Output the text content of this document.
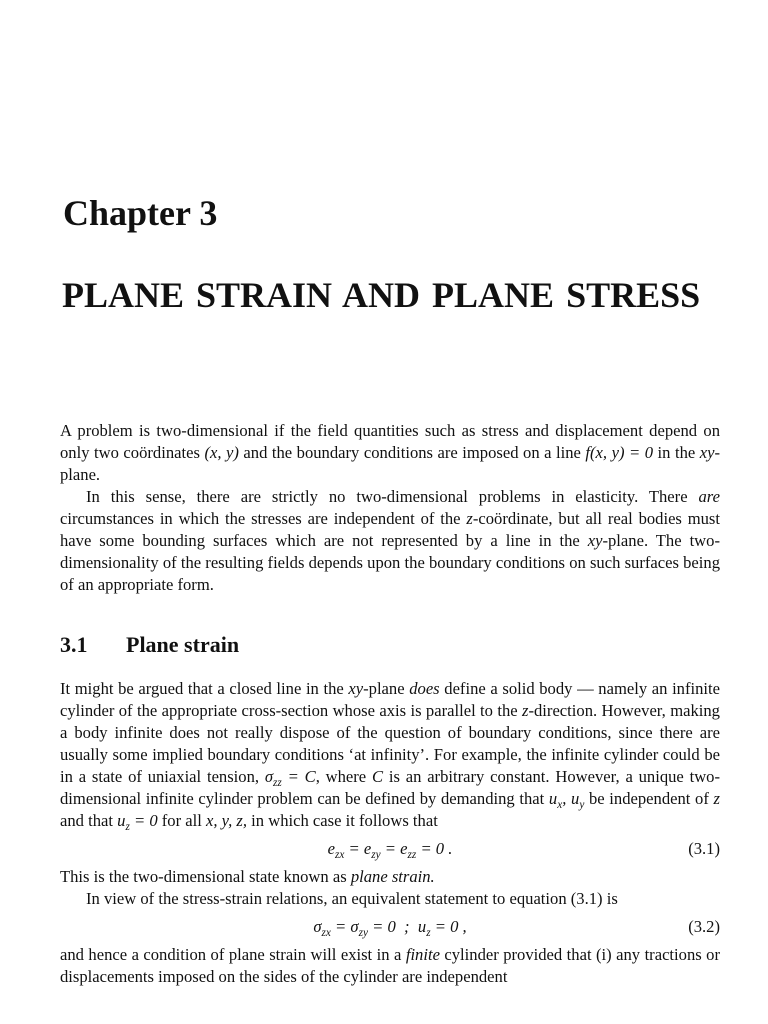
Chapter 3
PLANE STRAIN AND PLANE STRESS

A problem is two-dimensional if the field quantities such as stress and displacement depend on only two coördinates (x, y) and the boundary conditions are imposed on a line f(x, y) = 0 in the xy-plane.

In this sense, there are strictly no two-dimensional problems in elasticity. There are circumstances in which the stresses are independent of the z-coördinate, but all real bodies must have some bounding surfaces which are not represented by a line in the xy-plane. The two-dimensionality of the resulting fields depends upon the boundary conditions on such surfaces being of an appropriate form.

3.1 Plane strain

It might be argued that a closed line in the xy-plane does define a solid body — namely an infinite cylinder of the appropriate cross-section whose axis is parallel to the z-direction. However, making a body infinite does not really dispose of the question of boundary conditions, since there are usually some implied boundary conditions ‘at infinity’. For example, the infinite cylinder could be in a state of uniaxial tension, $\sigma_{zz} = C$, where C is an arbitrary constant. However, a unique two-dimensional infinite cylinder problem can be defined by demanding that $u_x$, $u_y$ be independent of z and that $u_z = 0$ for all x, y, z, in which case it follows that

$e_{zx} = e_{zy} = e_{zz} = 0$ .	(3.1)

This is the two-dimensional state known as plane strain.

In view of the stress-strain relations, an equivalent statement to equation (3.1) is

$\sigma_{zx} = \sigma_{zy} = 0$  ;  $u_z = 0$ ,	(3.2)

and hence a condition of plane strain will exist in a finite cylinder provided that (i) any tractions or displacements imposed on the sides of the cylinder are independent
